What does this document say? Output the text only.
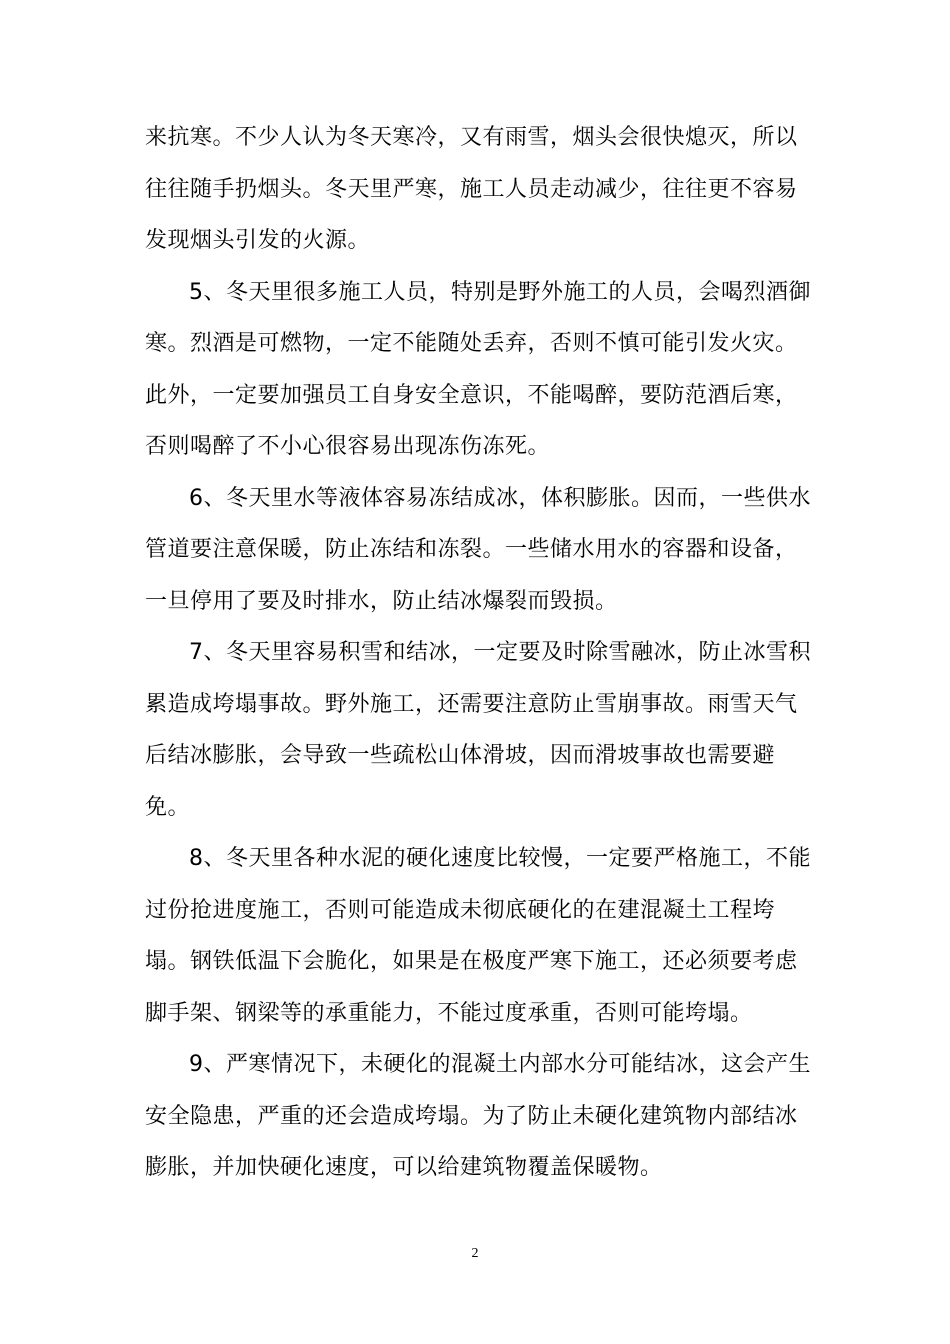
来抗寒。不少人认为冬天寒冷，又有雨雪，烟头会很快熄灭，所以
往往随手扔烟头。冬天里严寒，施工人员走动减少，往往更不容易
发现烟头引发的火源。
5、冬天里很多施工人员，特别是野外施工的人员，会喝烈酒御
寒。烈酒是可燃物，一定不能随处丢弃，否则不慎可能引发火灾。
此外，一定要加强员工自身安全意识，不能喝醉，要防范酒后寒，
否则喝醉了不小心很容易出现冻伤冻死。
6、冬天里水等液体容易冻结成冰，体积膨胀。因而，一些供水
管道要注意保暖，防止冻结和冻裂。一些储水用水的容器和设备，
一旦停用了要及时排水，防止结冰爆裂而毁损。
7、冬天里容易积雪和结冰，一定要及时除雪融冰，防止冰雪积
累造成垮塌事故。野外施工，还需要注意防止雪崩事故。雨雪天气
后结冰膨胀，会导致一些疏松山体滑坡，因而滑坡事故也需要避
免。
8、冬天里各种水泥的硬化速度比较慢，一定要严格施工，不能
过份抢进度施工，否则可能造成未彻底硬化的在建混凝土工程垮
塌。钢铁低温下会脆化，如果是在极度严寒下施工，还必须要考虑
脚手架、钢梁等的承重能力，不能过度承重，否则可能垮塌。
9、严寒情况下，未硬化的混凝土内部水分可能结冰，这会产生
安全隐患，严重的还会造成垮塌。为了防止未硬化建筑物内部结冰
膨胀，并加快硬化速度，可以给建筑物覆盖保暖物。
2
